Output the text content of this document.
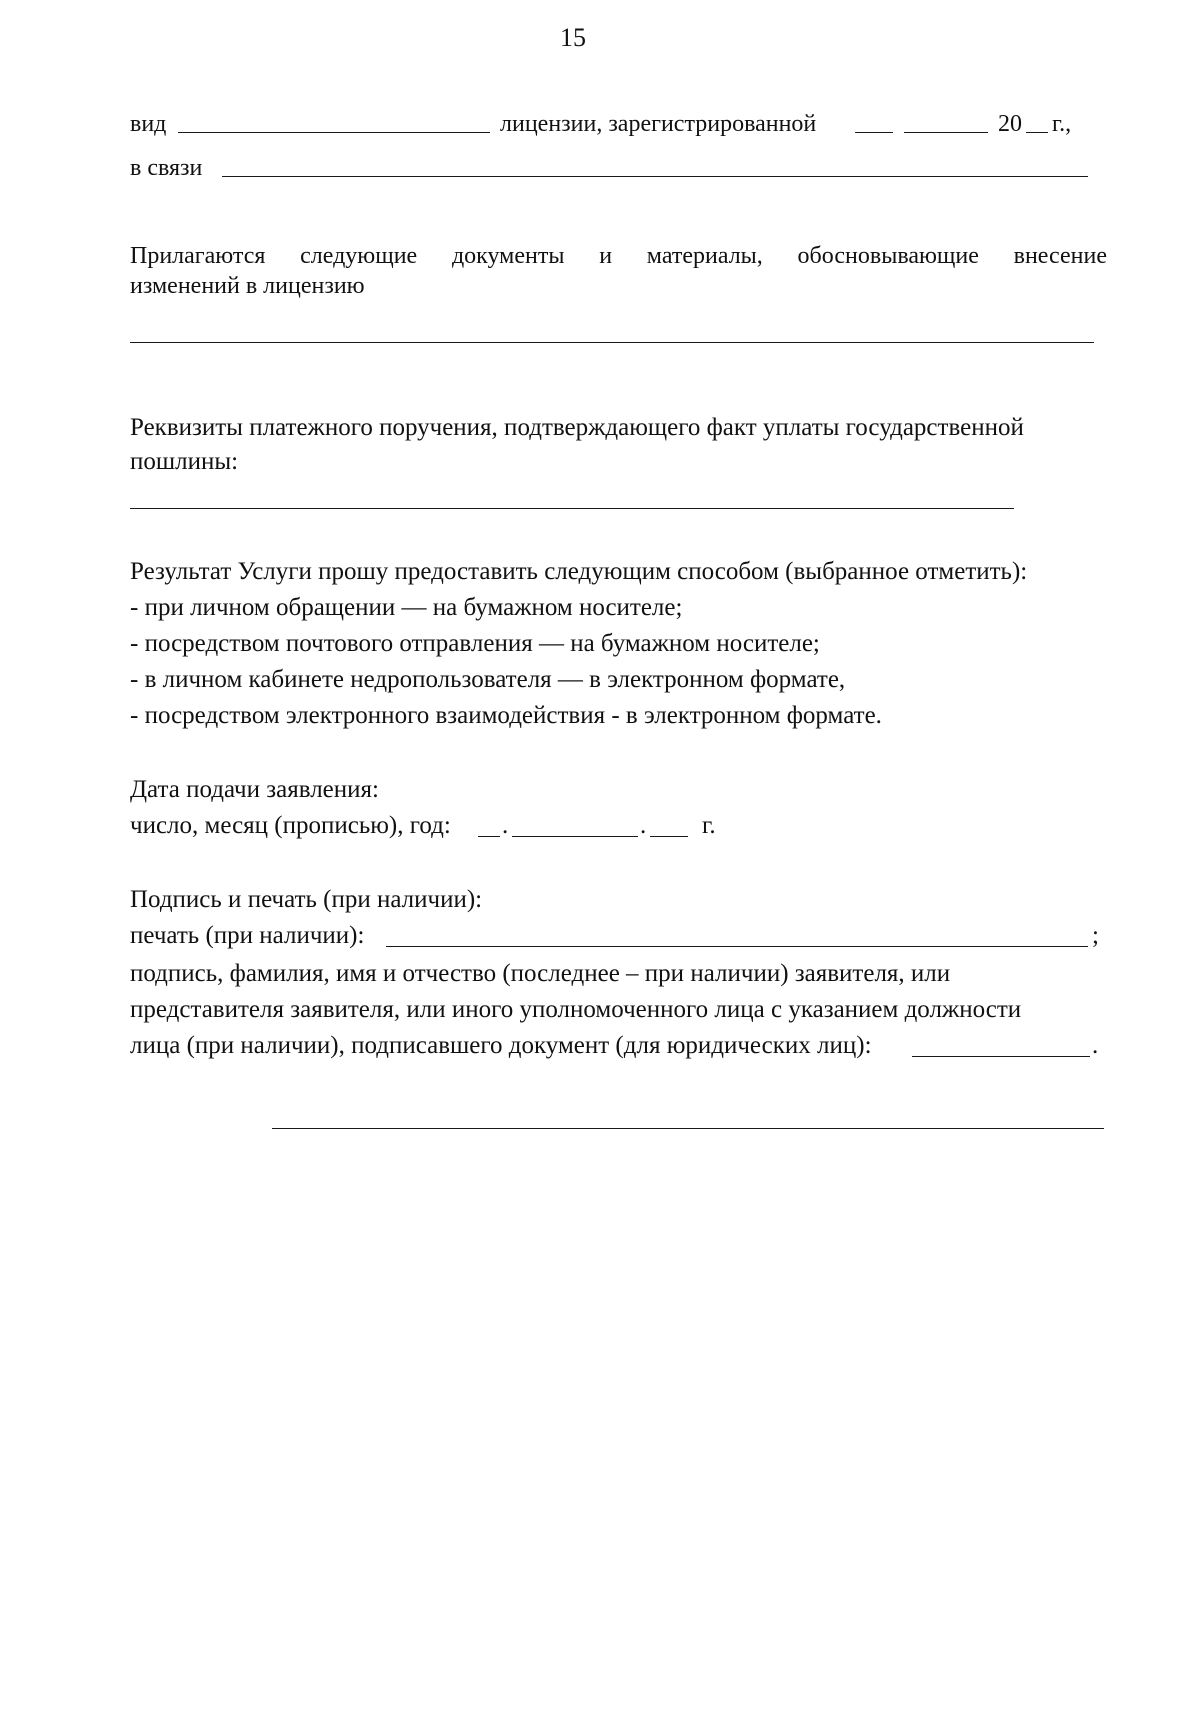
15
вид	лицензии, зарегистрированной	20 г.,
в связи
Прилагаются следующие документы и материалы, обосновывающие внесение
изменений в лицензию
Реквизиты платежного поручения, подтверждающего факт уплаты государственной
пошлины:
Результат Услуги прошу предоставить следующим способом (выбранное отметить):
- при личном обращении — на бумажном носителе;
- посредством почтового отправления — на бумажном носителе;
- в личном кабинете недропользователя — в электронном формате,
- посредством электронного взаимодействия - в электронном формате.
Дата подачи заявления:
число, месяц (прописью), год: .	. г.
Подпись и печать (при наличии):
печать (при наличии):	;
подпись, фамилия, имя и отчество (последнее – при наличии) заявителя, или
представителя заявителя, или иного уполномоченного лица с указанием должности
лица (при наличии), подписавшего документ (для юридических лиц):	.
